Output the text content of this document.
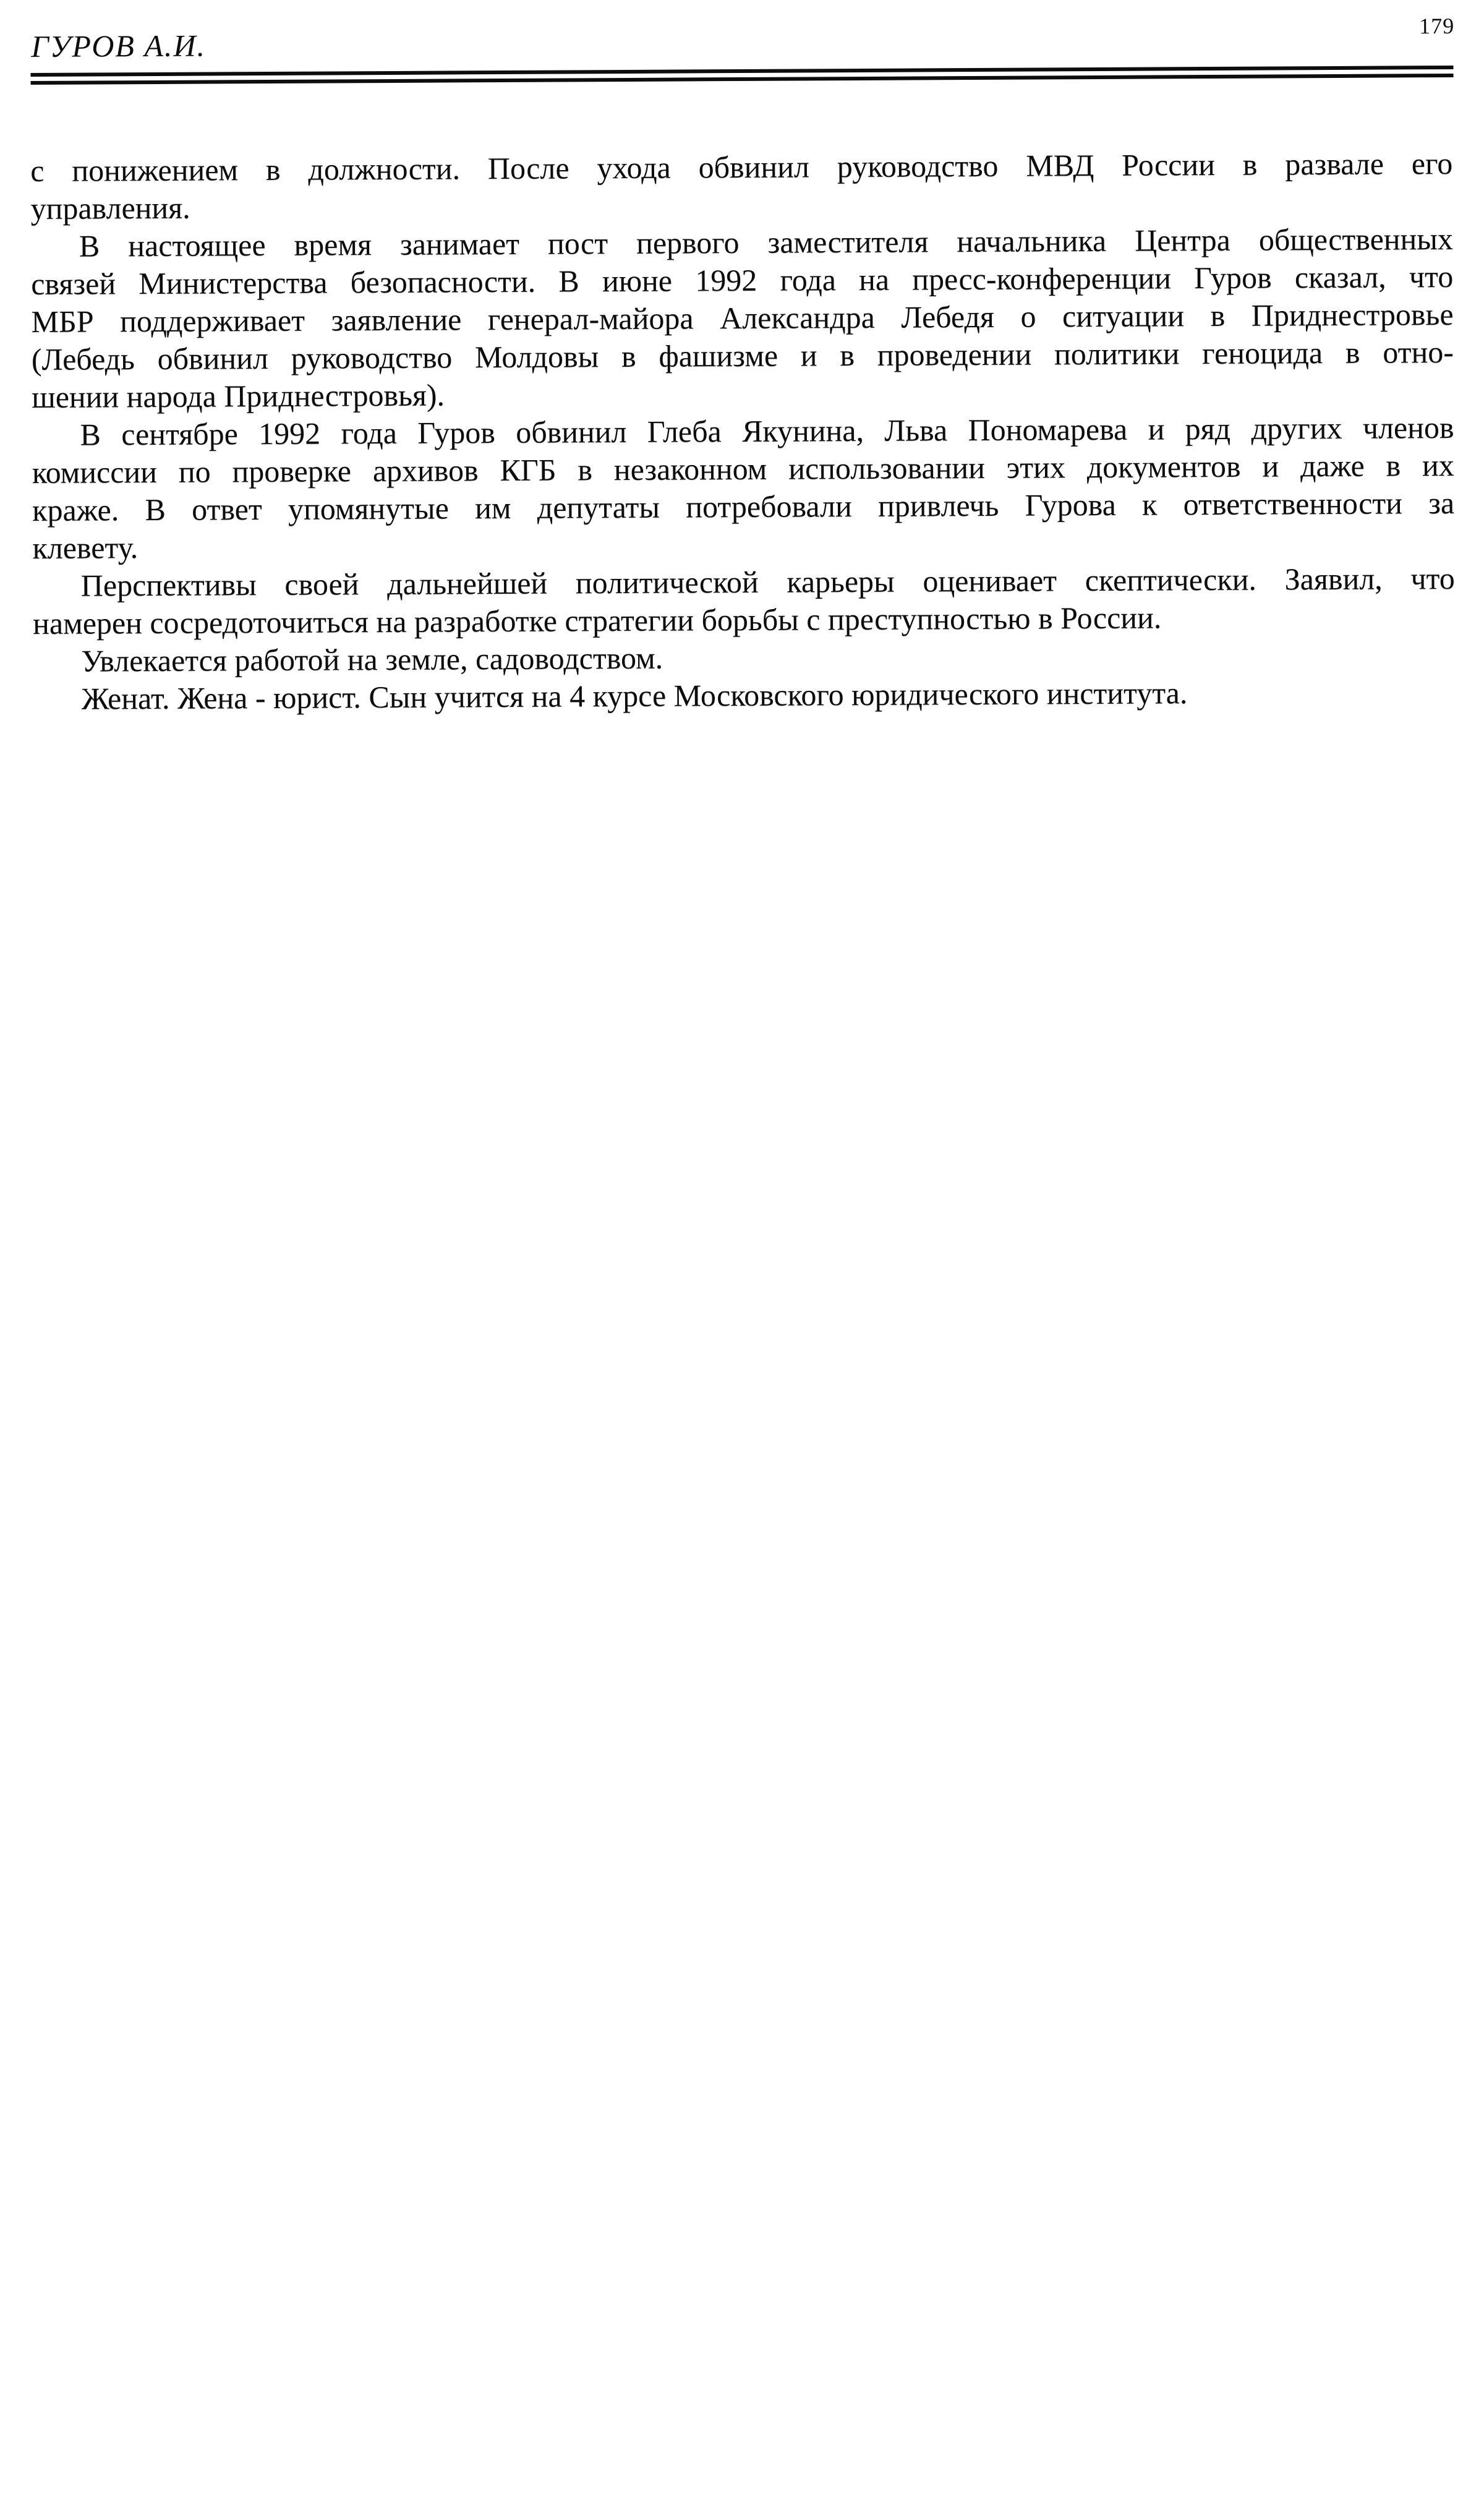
ГУРОВ А.И.
179
с понижением в должности. После ухода обвинил руководство МВД России в развале его
управления.
В настоящее время занимает пост первого заместителя начальника Центра общественных
связей Министерства безопасности. В июне 1992 года на пресс-конференции Гуров сказал, что
МБР поддерживает заявление генерал-майора Александра Лебедя о ситуации в Приднестровье
(Лебедь обвинил руководство Молдовы в фашизме и в проведении политики геноцида в отно-
шении народа Приднестровья).
В сентябре 1992 года Гуров обвинил Глеба Якунина, Льва Пономарева и ряд других членов
комиссии по проверке архивов КГБ в незаконном использовании этих документов и даже в их
краже. В ответ упомянутые им депутаты потребовали привлечь Гурова к ответственности за
клевету.
Перспективы своей дальнейшей политической карьеры оценивает скептически. Заявил, что
намерен сосредоточиться на разработке стратегии борьбы с преступностью в России.
Увлекается работой на земле, садоводством.
Женат. Жена - юрист. Сын учится на 4 курсе Московского юридического института.
